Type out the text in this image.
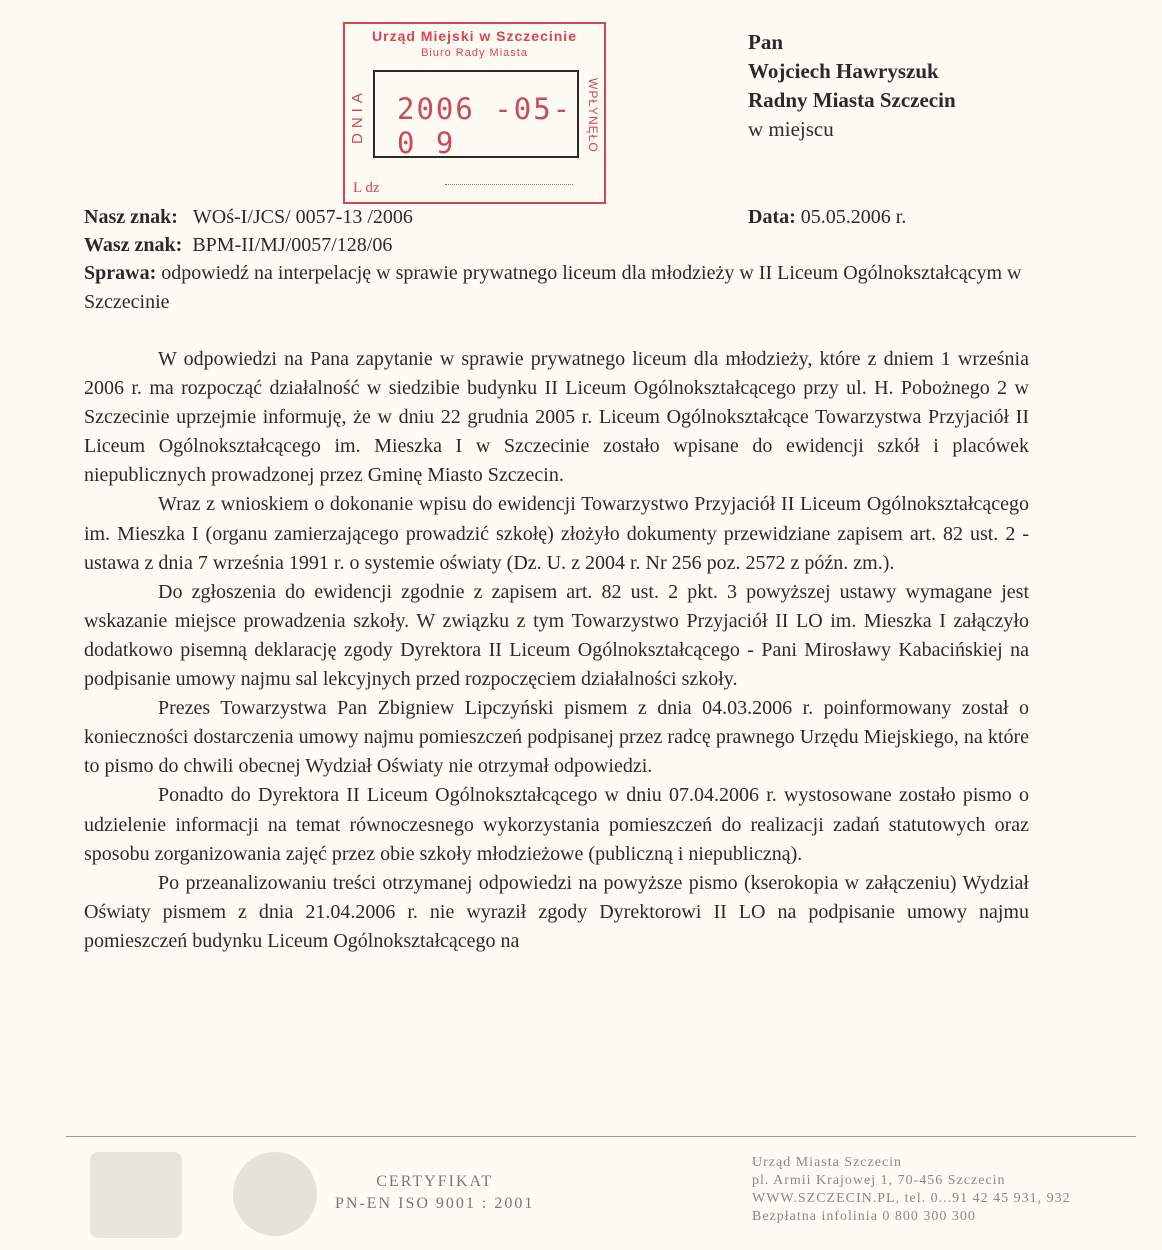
Urząd Miejski w Szczecinie
Biuro Rady Miasta
DNIA 2006 -05- 0 9	WPŁYNĘŁO
L dz
Pan
Wojciech Hawryszuk
Radny Miasta Szczecin
w miejscu
Nasz znak: WOś-I/JCS/ 0057-13 /2006
Wasz znak: BPM-II/MJ/0057/128/06
Data: 05.05.2006 r.
Sprawa: odpowiedź na interpelację w sprawie prywatnego liceum dla młodzieży w II Liceum Ogólnokształcącym w Szczecinie

W odpowiedzi na Pana zapytanie w sprawie prywatnego liceum dla młodzieży, które z dniem 1 września 2006 r. ma rozpocząć działalność w siedzibie budynku II Liceum Ogólnokształcącego przy ul. H. Pobożnego 2 w Szczecinie uprzejmie informuję, że w dniu 22 grudnia 2005 r. Liceum Ogólnokształcące Towarzystwa Przyjaciół II Liceum Ogólnokształcącego im. Mieszka I w Szczecinie zostało wpisane do ewidencji szkół i placówek niepublicznych prowadzonej przez Gminę Miasto Szczecin.

Wraz z wnioskiem o dokonanie wpisu do ewidencji Towarzystwo Przyjaciół II Liceum Ogólnokształcącego im. Mieszka I (organu zamierzającego prowadzić szkołę) złożyło dokumenty przewidziane zapisem art. 82 ust. 2 - ustawa z dnia 7 września 1991 r. o systemie oświaty (Dz. U. z 2004 r. Nr 256 poz. 2572 z późn. zm.).

Do zgłoszenia do ewidencji zgodnie z zapisem art. 82 ust. 2 pkt. 3 powyższej ustawy wymagane jest wskazanie miejsce prowadzenia szkoły. W związku z tym Towarzystwo Przyjaciół II LO im. Mieszka I załączyło dodatkowo pisemną deklarację zgody Dyrektora II Liceum Ogólnokształcącego - Pani Mirosławy Kabacińskiej na podpisanie umowy najmu sal lekcyjnych przed rozpoczęciem działalności szkoły.

Prezes Towarzystwa Pan Zbigniew Lipczyński pismem z dnia 04.03.2006 r. poinformowany został o konieczności dostarczenia umowy najmu pomieszczeń podpisanej przez radcę prawnego Urzędu Miejskiego, na które to pismo do chwili obecnej Wydział Oświaty nie otrzymał odpowiedzi.

Ponadto do Dyrektora II Liceum Ogólnokształcącego w dniu 07.04.2006 r. wystosowane zostało pismo o udzielenie informacji na temat równoczesnego wykorzystania pomieszczeń do realizacji zadań statutowych oraz sposobu zorganizowania zajęć przez obie szkoły młodzieżowe (publiczną i niepubliczną).

Po przeanalizowaniu treści otrzymanej odpowiedzi na powyższe pismo (kserokopia w załączeniu) Wydział Oświaty pismem z dnia 21.04.2006 r. nie wyraził zgody Dyrektorowi II LO na podpisanie umowy najmu pomieszczeń budynku Liceum Ogólnokształcącego na

CERTYFIKAT
PN-EN ISO 9001 : 2001
Urząd Miasta Szczecin
pl. Armii Krajowej 1, 70-456 Szczecin
WWW.SZCZECIN.PL, tel. 0...91 42 45 931, 932
Bezpłatna infolinia 0 800 300 300
